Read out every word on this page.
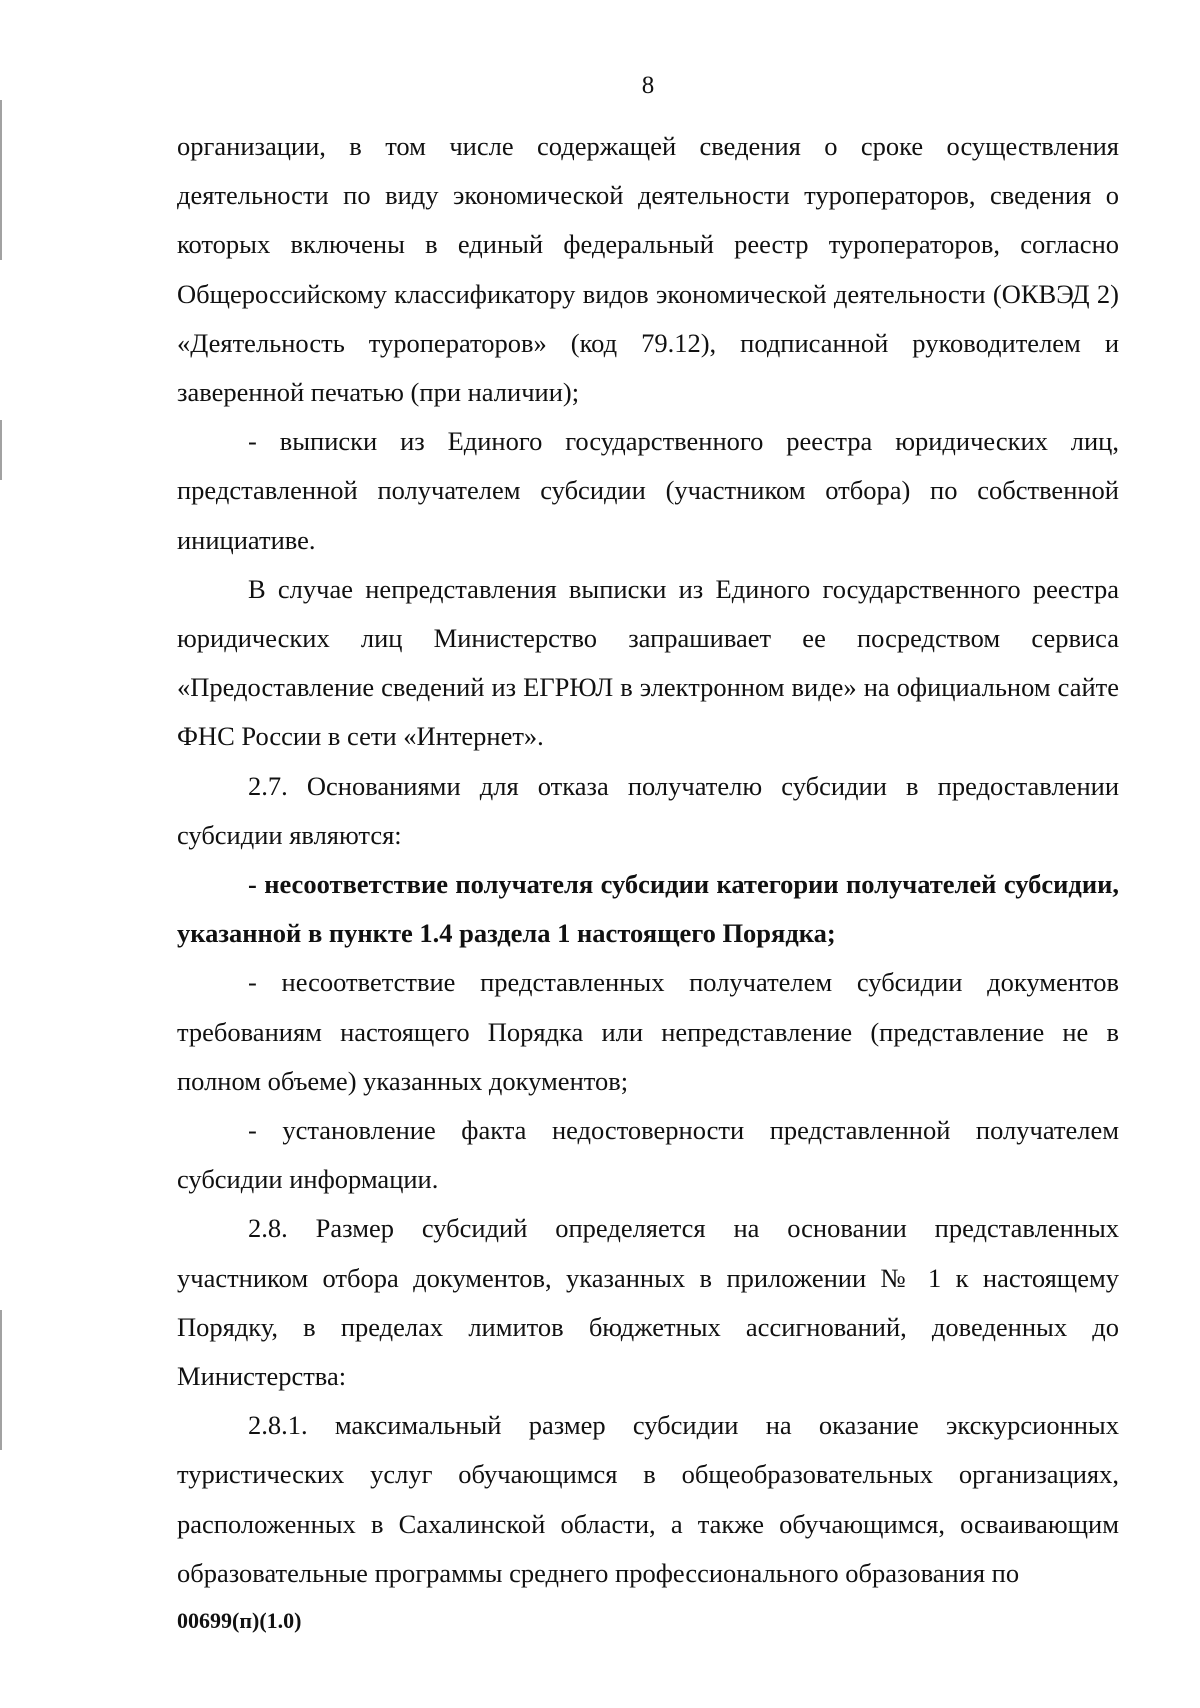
8

организации, в том числе содержащей сведения о сроке осуществления деятельности по виду экономической деятельности туроператоров, сведения о которых включены в единый федеральный реестр туроператоров, согласно Общероссийскому классификатору видов экономической деятельности (ОКВЭД 2) «Деятельность туроператоров» (код 79.12), подписанной руководителем и заверенной печатью (при наличии);

- выписки из Единого государственного реестра юридических лиц, представленной получателем субсидии (участником отбора) по собственной инициативе.

В случае непредставления выписки из Единого государственного реестра юридических лиц Министерство запрашивает ее посредством сервиса «Предоставление сведений из ЕГРЮЛ в электронном виде» на официальном сайте ФНС России в сети «Интернет».

2.7. Основаниями для отказа получателю субсидии в предоставлении субсидии являются:

- несоответствие получателя субсидии категории получателей субсидии, указанной в пункте 1.4 раздела 1 настоящего Порядка;

- несоответствие представленных получателем субсидии документов требованиям настоящего Порядка или непредставление (представление не в полном объеме) указанных документов;

- установление факта недостоверности представленной получателем субсидии информации.

2.8. Размер субсидий определяется на основании представленных участником отбора документов, указанных в приложении № 1 к настоящему Порядку, в пределах лимитов бюджетных ассигнований, доведенных до Министерства:

2.8.1. максимальный размер субсидии на оказание экскурсионных туристических услуг обучающимся в общеобразовательных организациях, расположенных в Сахалинской области, а также обучающимся, осваивающим образовательные программы среднего профессионального образования по

00699(п)(1.0)
